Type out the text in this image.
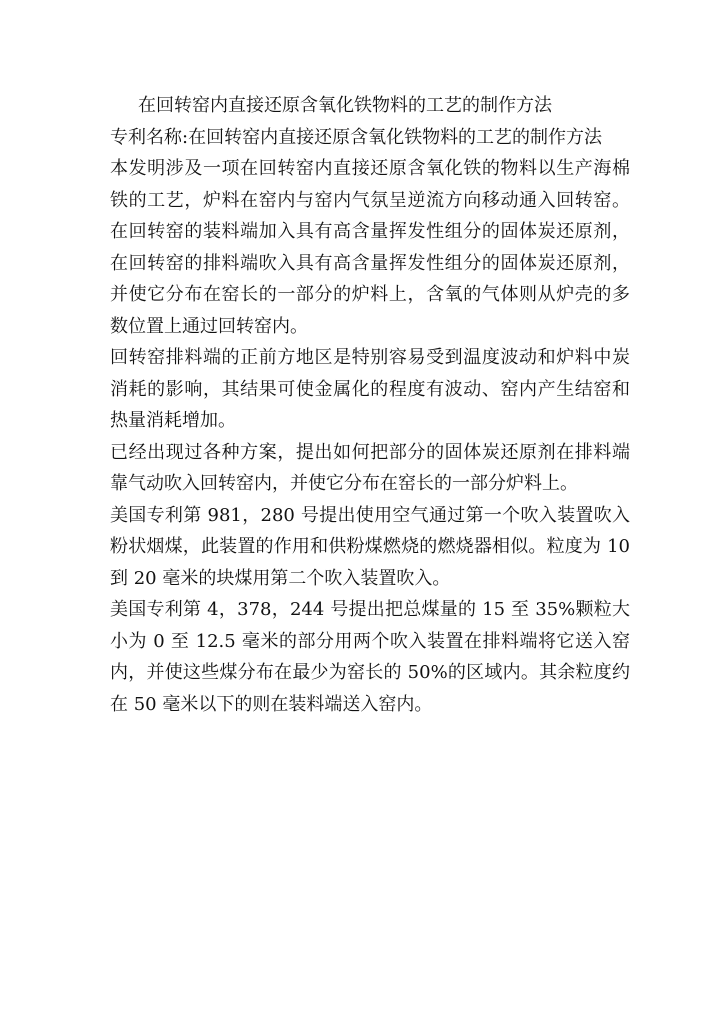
在回转窑内直接还原含氧化铁物料的工艺的制作方法

专利名称:在回转窑内直接还原含氧化铁物料的工艺的制作方法

本发明涉及一项在回转窑内直接还原含氧化铁的物料以生产海棉铁的工艺，炉料在窑内与窑内气氛呈逆流方向移动通入回转窑。在回转窑的装料端加入具有高含量挥发性组分的固体炭还原剂，在回转窑的排料端吹入具有高含量挥发性组分的固体炭还原剂，并使它分布在窑长的一部分的炉料上，含氧的气体则从炉壳的多数位置上通过回转窑内。

回转窑排料端的正前方地区是特别容易受到温度波动和炉料中炭消耗的影响，其结果可使金属化的程度有波动、窑内产生结窑和热量消耗增加。

已经出现过各种方案，提出如何把部分的固体炭还原剂在排料端靠气动吹入回转窑内，并使它分布在窑长的一部分炉料上。

美国专利第 981，280 号提出使用空气通过第一个吹入装置吹入粉状烟煤，此装置的作用和供粉煤燃烧的燃烧器相似。粒度为 10 到 20 毫米的块煤用第二个吹入装置吹入。

美国专利第 4，378，244 号提出把总煤量的 15 至 35%颗粒大小为 0 至 12.5 毫米的部分用两个吹入装置在排料端将它送入窑内，并使这些煤分布在最少为窑长的 50%的区域内。其余粒度约在 50 毫米以下的则在装料端送入窑内。
